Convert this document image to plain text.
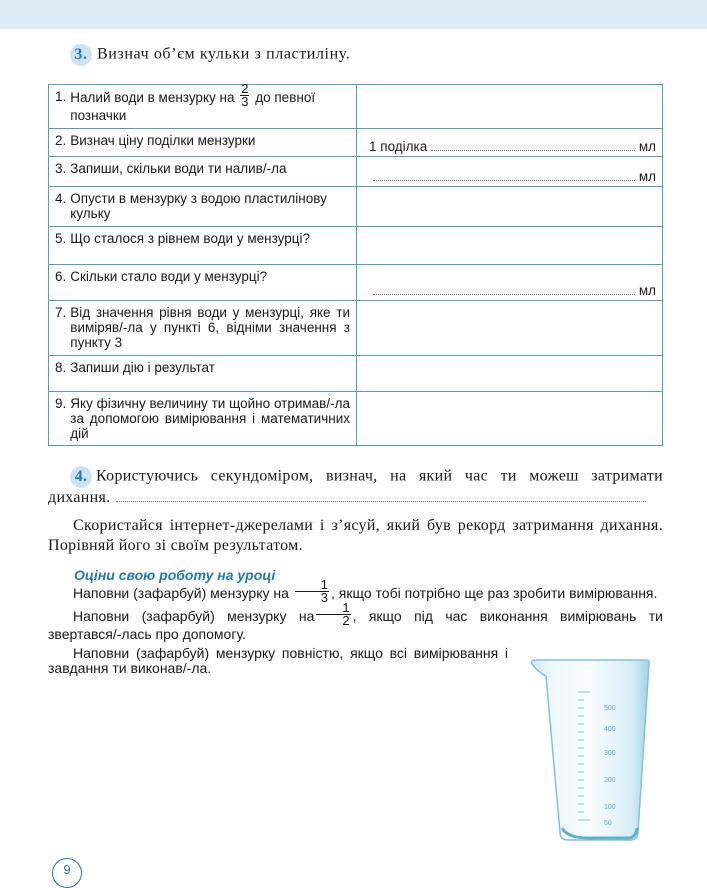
3. Визнач об’єм кульки з пластиліну.
1. Налий води в мензурку на $\frac{2}{3}$ до певної позначки	

2. Визнач ціну поділки мензурки	1 поділка мл

3. Запиши, скільки води ти налив/-ла	мл

4. Опусти в мензурку з водою пластилінову кульку	

5. Що сталося з рівнем води у мензурці?	

6. Скільки стало води у мензурці?	мл

7. Від значення рівня води у мензурці, яке ти виміряв/-ла у пункті 6, відніми значення з пункту 3	

8. Запиши дію і результат	

9. Яку фізичну величину ти щойно отримав/-ла за допомогою вимірювання і математичних дій	

4. Користуючись секундоміром, визнач, на який час ти можеш затримати дихання.

Скористайся інтернет-джерелами і з’ясуй, який був рекорд затримання дихання. Порівняй його зі своїм результатом.

Оціни свою роботу на уроці

Наповни (зафарбуй) мензурку на $\frac{1}{3}$ , якщо тобі потрібно ще раз зробити вимірювання.

Наповни (зафарбуй) мензурку на $\frac{1}{2}$ , якщо під час виконання вимірювань ти звертався/-лась про допомогу.

Наповни (зафарбуй) мензурку повністю, якщо всі вимірювання і завдання ти виконав/-ла.

500
400
300
200
100
50
9
